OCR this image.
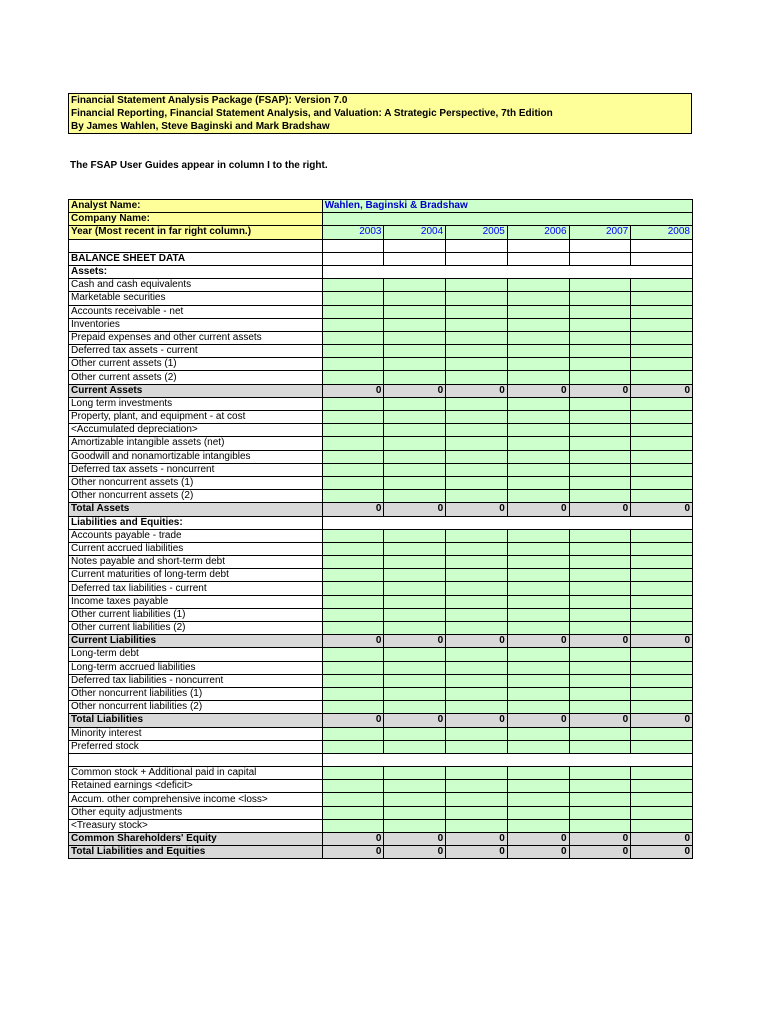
Financial Statement Analysis Package (FSAP): Version 7.0
Financial Reporting, Financial Statement Analysis, and Valuation: A Strategic Perspective, 7th Edition
By James Wahlen, Steve Baginski and Mark Bradshaw
The FSAP User Guides appear in column I to the right.
Analyst Name:	Wahlen, Baginski & Bradshaw					
Company Name:						
Year (Most recent in far right column.)	2003	2004	2005	2006	2007	2008

BALANCE SHEET DATA						
Assets:						
Cash and cash equivalents						
Marketable securities						
Accounts receivable - net						
Inventories						
Prepaid expenses and other current assets						
Deferred tax assets - current						
Other current assets (1)						
Other current assets (2)						
Current Assets	0	0	0	0	0	0
Long term investments						
Property, plant, and equipment - at cost						
<Accumulated depreciation>						
Amortizable intangible assets (net)						
Goodwill and nonamortizable intangibles						
Deferred tax assets - noncurrent						
Other noncurrent assets (1)						
Other noncurrent assets (2)						
Total Assets	0	0	0	0	0	0
Liabilities and Equities:						
Accounts payable - trade						
Current accrued liabilities						
Notes payable and short-term debt						
Current maturities of long-term debt						
Deferred tax liabilities - current						
Income taxes payable						
Other current liabilities (1)						
Other current liabilities (2)						
Current Liabilities	0	0	0	0	0	0
Long-term debt						
Long-term accrued liabilities						
Deferred tax liabilities - noncurrent						
Other noncurrent liabilities (1)						
Other noncurrent liabilities (2)						
Total Liabilities	0	0	0	0	0	0
Minority interest						
Preferred stock						

Common stock + Additional paid in capital						
Retained earnings <deficit>						
Accum. other comprehensive income <loss>						
Other equity adjustments						
<Treasury stock>						
Common Shareholders' Equity	0	0	0	0	0	0
Total Liabilities and Equities	0	0	0	0	0	0
